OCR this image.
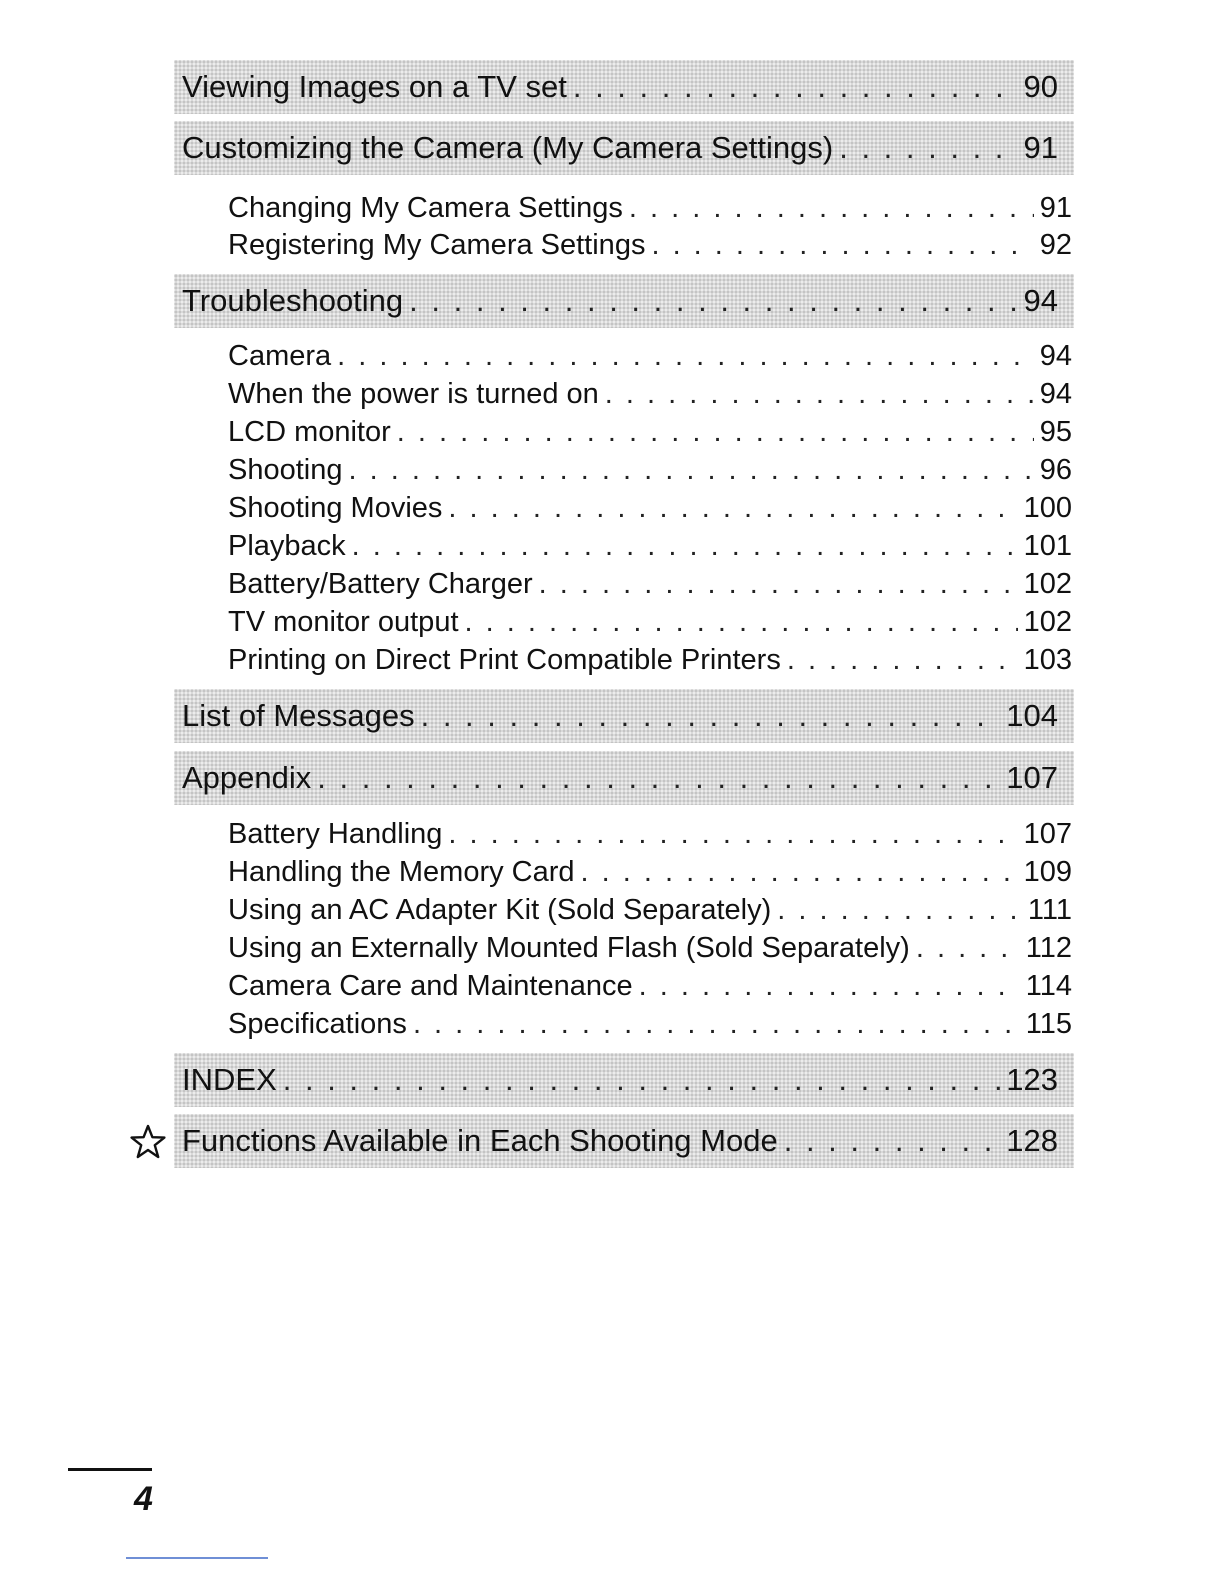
Viewing Images on a TV set . . .	90
Customizing the Camera (My Camera Settings) . . .	91
Changing My Camera Settings . . .	91
Registering My Camera Settings . . .	92
Troubleshooting . . .	94
Camera . . .	94
When the power is turned on . . .	94
LCD monitor . . .	95
Shooting . . .	96
Shooting Movies . . .	100
Playback . . .	101
Battery/Battery Charger . . .	102
TV monitor output . . .	102
Printing on Direct Print Compatible Printers . . .	103
List of Messages . . .	104
Appendix . . .	107
Battery Handling . . .	107
Handling the Memory Card . . .	109
Using an AC Adapter Kit (Sold Separately) . . .	111
Using an Externally Mounted Flash (Sold Separately) . . .	112
Camera Care and Maintenance . . .	114
Specifications . . .	115
INDEX . . .	123
Functions Available in Each Shooting Mode . . .	128
4
